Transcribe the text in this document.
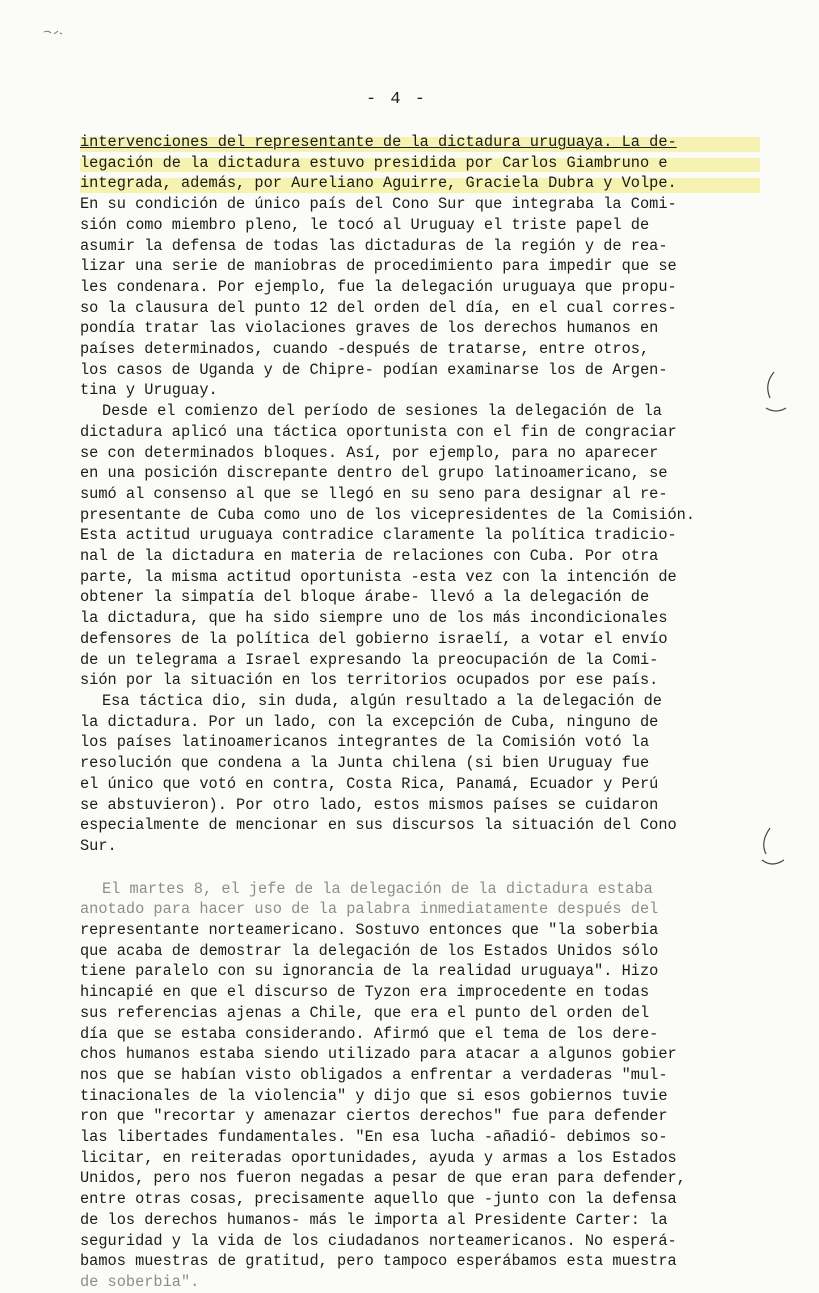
- 4 -
intervenciones del representante de la dictadura uruguaya. La de-
legación de la dictadura estuvo presidida por Carlos Giambruno e
integrada, además, por Aureliano Aguirre, Graciela Dubra y Volpe.
En su condición de único país del Cono Sur que integraba la Comi-
sión como miembro pleno, le tocó al Uruguay el triste papel de
asumir la defensa de todas las dictaduras de la región y de rea-
lizar una serie de maniobras de procedimiento para impedir que se
les condenara. Por ejemplo, fue la delegación uruguaya que propu-
so la clausura del punto 12 del orden del día, en el cual corres-
pondía tratar las violaciones graves de los derechos humanos en
países determinados, cuando -después de tratarse, entre otros,
los casos de Uganda y de Chipre- podían examinarse los de Argen-
tina y Uruguay.
Desde el comienzo del período de sesiones la delegación de la
dictadura aplicó una táctica oportunista con el fin de congraciar
se con determinados bloques. Así, por ejemplo, para no aparecer
en una posición discrepante dentro del grupo latinoamericano, se
sumó al consenso al que se llegó en su seno para designar al re-
presentante de Cuba como uno de los vicepresidentes de la Comisión.
Esta actitud uruguaya contradice claramente la política tradicio-
nal de la dictadura en materia de relaciones con Cuba. Por otra
parte, la misma actitud oportunista -esta vez con la intención de
obtener la simpatía del bloque árabe- llevó a la delegación de
la dictadura, que ha sido siempre uno de los más incondicionales
defensores de la política del gobierno israelí, a votar el envío
de un telegrama a Israel expresando la preocupación de la Comi-
sión por la situación en los territorios ocupados por ese país.
Esa táctica dio, sin duda, algún resultado a la delegación de
la dictadura. Por un lado, con la excepción de Cuba, ninguno de
los países latinoamericanos integrantes de la Comisión votó la
resolución que condena a la Junta chilena (si bien Uruguay fue
el único que votó en contra, Costa Rica, Panamá, Ecuador y Perú
se abstuvieron). Por otro lado, estos mismos países se cuidaron
especialmente de mencionar en sus discursos la situación del Cono
Sur.
El martes 8, el jefe de la delegación de la dictadura estaba
anotado para hacer uso de la palabra inmediatamente después del
representante norteamericano. Sostuvo entonces que "la soberbia
que acaba de demostrar la delegación de los Estados Unidos sólo
tiene paralelo con su ignorancia de la realidad uruguaya". Hizo
hincapié en que el discurso de Tyzon era improcedente en todas
sus referencias ajenas a Chile, que era el punto del orden del
día que se estaba considerando. Afirmó que el tema de los dere-
chos humanos estaba siendo utilizado para atacar a algunos gobier
nos que se habían visto obligados a enfrentar a verdaderas "mul-
tinacionales de la violencia" y dijo que si esos gobiernos tuvie
ron que "recortar y amenazar ciertos derechos" fue para defender
las libertades fundamentales. "En esa lucha -añadió- debimos so-
licitar, en reiteradas oportunidades, ayuda y armas a los Estados
Unidos, pero nos fueron negadas a pesar de que eran para defender,
entre otras cosas, precisamente aquello que -junto con la defensa
de los derechos humanos- más le importa al Presidente Carter: la
seguridad y la vida de los ciudadanos norteamericanos. No esperá-
bamos muestras de gratitud, pero tampoco esperábamos esta muestra
de soberbia".
